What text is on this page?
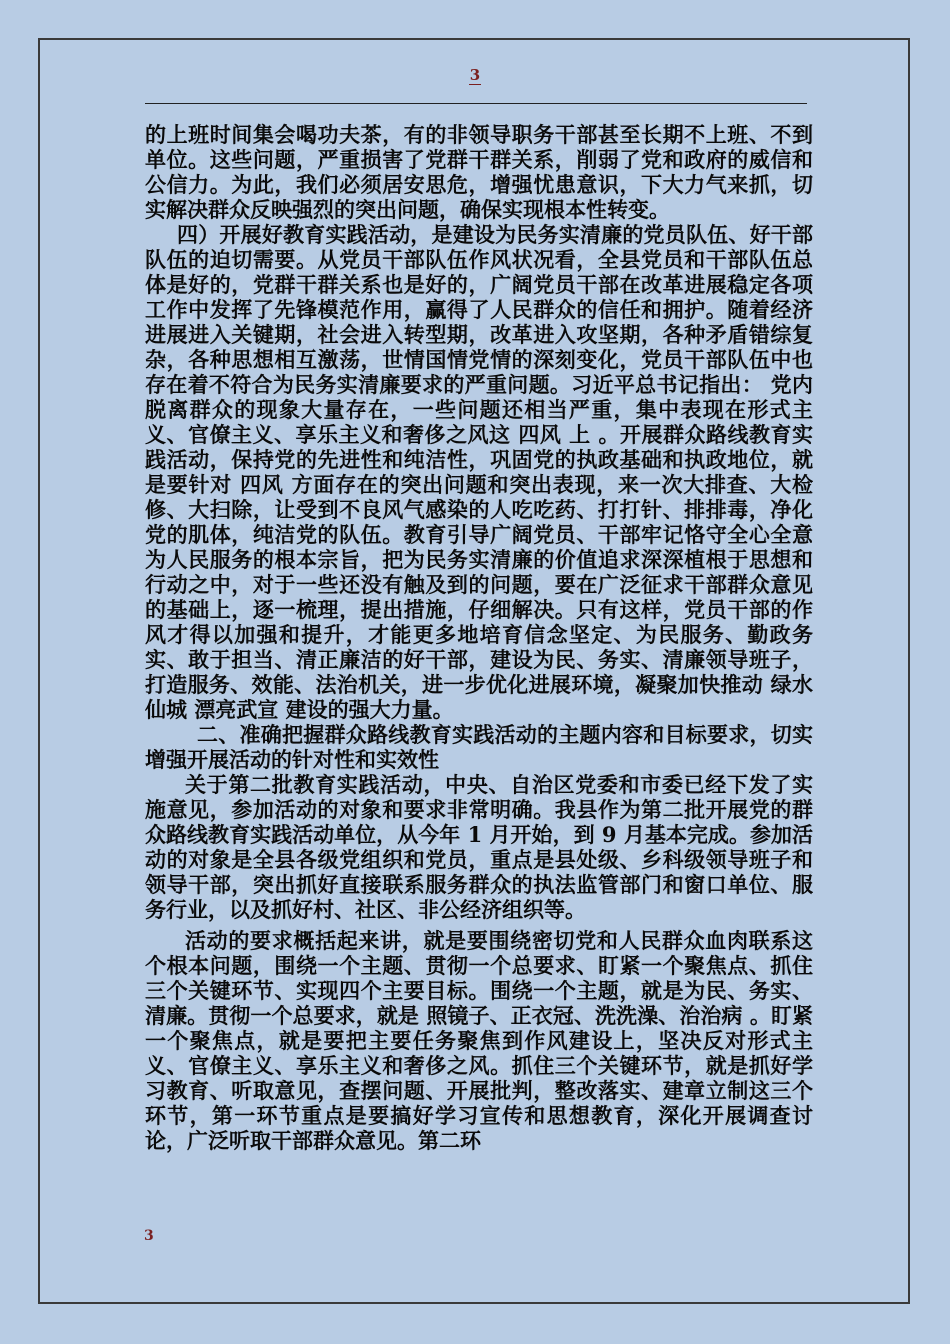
3

的上班时间集会喝功夫茶，有的非领导职务干部甚至长期不上班、不到单位。这些问题，严重损害了党群干群关系，削弱了党和政府的威信和公信力。为此，我们必须居安思危，增强忧患意识，下大力气来抓，切实解决群众反映强烈的突出问题，确保实现根本性转变。

四）开展好教育实践活动，是建设为民务实清廉的党员队伍、好干部队伍的迫切需要。从党员干部队伍作风状况看，全县党员和干部队伍总体是好的，党群干群关系也是好的，广阔党员干部在改革进展稳定各项工作中发挥了先锋模范作用，赢得了人民群众的信任和拥护。随着经济进展进入关键期，社会进入转型期，改革进入攻坚期，各种矛盾错综复杂，各种思想相互激荡，世情国情党情的深刻变化，党员干部队伍中也存在着不符合为民务实清廉要求的严重问题。习近平总书记指出： 党内脱离群众的现象大量存在，一些问题还相当严重，集中表现在形式主义、官僚主义、享乐主义和奢侈之风这 四风 上 。开展群众路线教育实践活动，保持党的先进性和纯洁性，巩固党的执政基础和执政地位，就是要针对 四风 方面存在的突出问题和突出表现，来一次大排查、大检修、大扫除，让受到不良风气感染的人吃吃药、打打针、排排毒，净化党的肌体，纯洁党的队伍。教育引导广阔党员、干部牢记恪守全心全意为人民服务的根本宗旨，把为民务实清廉的价值追求深深植根于思想和行动之中，对于一些还没有触及到的问题，要在广泛征求干部群众意见的基础上，逐一梳理，提出措施，仔细解决。只有这样，党员干部的作风才得以加强和提升，才能更多地培育信念坚定、为民服务、勤政务实、敢于担当、清正廉洁的好干部，建设为民、务实、清廉领导班子，打造服务、效能、法治机关，进一步优化进展环境，凝聚加快推动 绿水仙城 漂亮武宣 建设的强大力量。

二、准确把握群众路线教育实践活动的主题内容和目标要求，切实增强开展活动的针对性和实效性

关于第二批教育实践活动，中央、自治区党委和市委已经下发了实施意见，参加活动的对象和要求非常明确。我县作为第二批开展党的群众路线教育实践活动单位，从今年 1 月开始，到 9 月基本完成。参加活动的对象是全县各级党组织和党员，重点是县处级、乡科级领导班子和领导干部，突出抓好直接联系服务群众的执法监管部门和窗口单位、服务行业，以及抓好村、社区、非公经济组织等。

活动的要求概括起来讲，就是要围绕密切党和人民群众血肉联系这个根本问题，围绕一个主题、贯彻一个总要求、盯紧一个聚焦点、抓住三个关键环节、实现四个主要目标。围绕一个主题，就是为民、务实、清廉。贯彻一个总要求，就是 照镜子、正衣冠、洗洗澡、治治病 。盯紧一个聚焦点，就是要把主要任务聚焦到作风建设上，坚决反对形式主义、官僚主义、享乐主义和奢侈之风。抓住三个关键环节，就是抓好学习教育、听取意见，查摆问题、开展批判，整改落实、建章立制这三个环节，第一环节重点是要搞好学习宣传和思想教育，深化开展调查讨论，广泛听取干部群众意见。第二环

3
